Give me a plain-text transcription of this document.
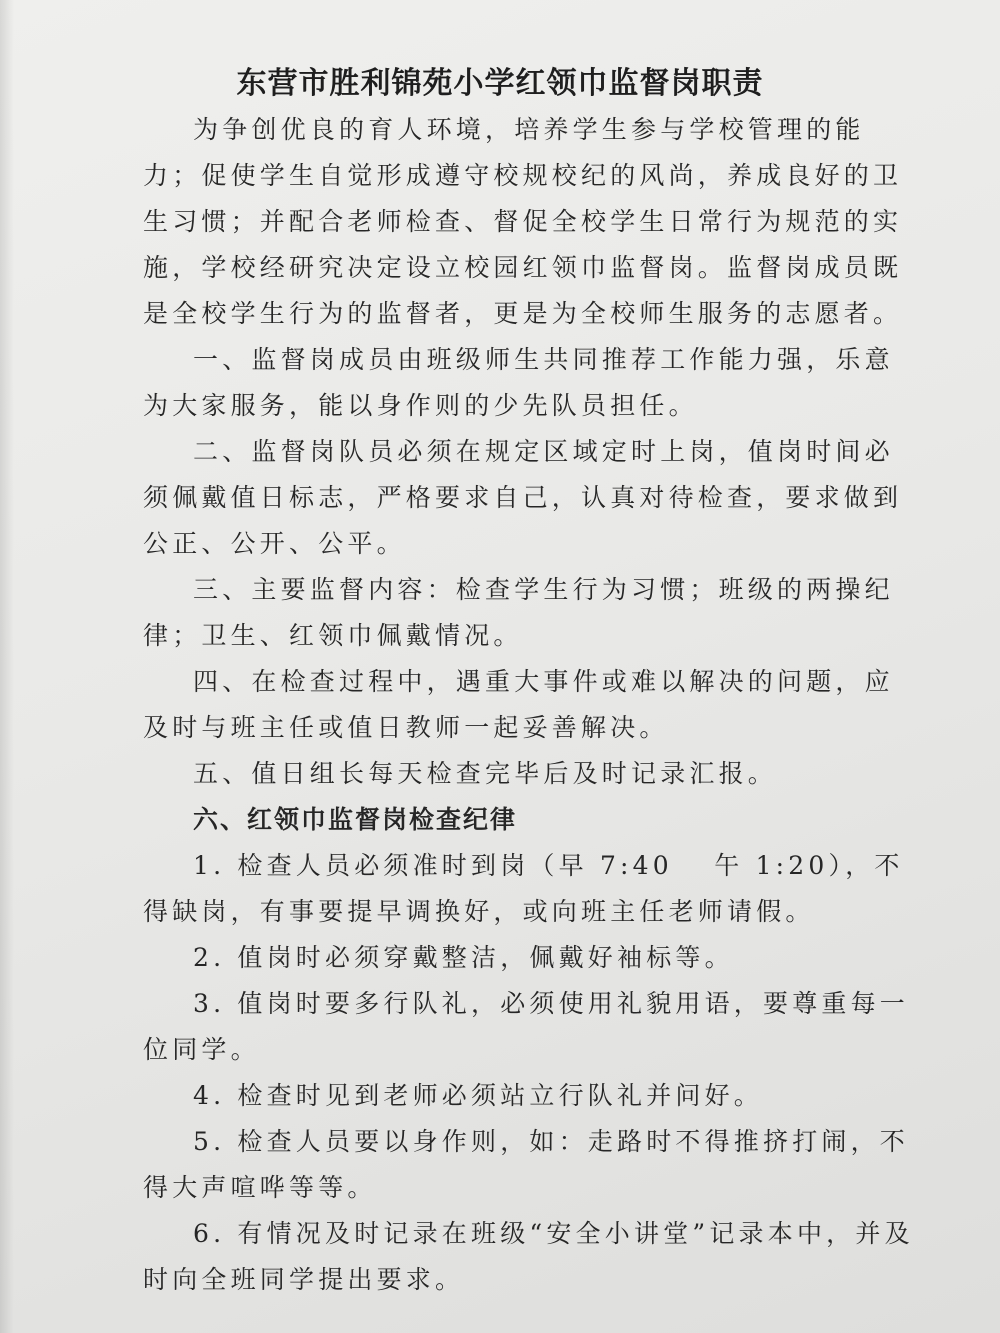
东营市胜利锦苑小学红领巾监督岗职责

为争创优良的育人环境，培养学生参与学校管理的能力；促使学生自觉形成遵守校规校纪的风尚，养成良好的卫生习惯；并配合老师检查、督促全校学生日常行为规范的实施，学校经研究决定设立校园红领巾监督岗。监督岗成员既是全校学生行为的监督者，更是为全校师生服务的志愿者。

一、监督岗成员由班级师生共同推荐工作能力强，乐意为大家服务，能以身作则的少先队员担任。

二、监督岗队员必须在规定区域定时上岗，值岗时间必须佩戴值日标志，严格要求自己，认真对待检查，要求做到公正、公开、公平。

三、主要监督内容：检查学生行为习惯；班级的两操纪律；卫生、红领巾佩戴情况。

四、在检查过程中，遇重大事件或难以解决的问题，应及时与班主任或值日教师一起妥善解决。

五、值日组长每天检查完毕后及时记录汇报。

六、红领巾监督岗检查纪律

1. 检查人员必须准时到岗（早 7:40　 午 1:20），不得缺岗，有事要提早调换好，或向班主任老师请假。

2. 值岗时必须穿戴整洁，佩戴好袖标等。

3. 值岗时要多行队礼，必须使用礼貌用语，要尊重每一位同学。

4. 检查时见到老师必须站立行队礼并问好。

5. 检查人员要以身作则，如：走路时不得推挤打闹，不得大声喧哗等等。

6. 有情况及时记录在班级“安全小讲堂”记录本中，并及时向全班同学提出要求。
